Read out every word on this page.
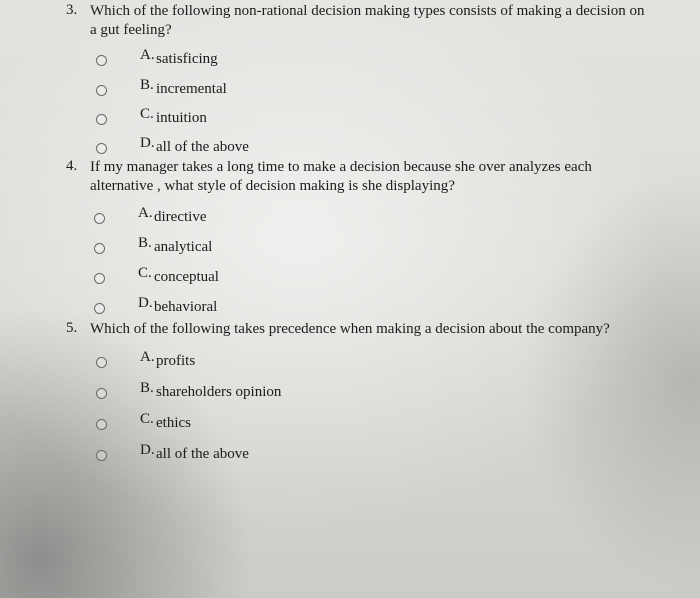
3. Which of the following non-rational decision making types consists of making a decision on a gut feeling?
A. satisficing
B. incremental
C. intuition
D. all of the above
4. If my manager takes a long time to make a decision because she over analyzes each alternative , what style of decision making is she displaying?
A. directive
B. analytical
C. conceptual
D. behavioral
5. Which of the following takes precedence when making a decision about the company?
A. profits
B. shareholders opinion
C. ethics
D. all of the above
